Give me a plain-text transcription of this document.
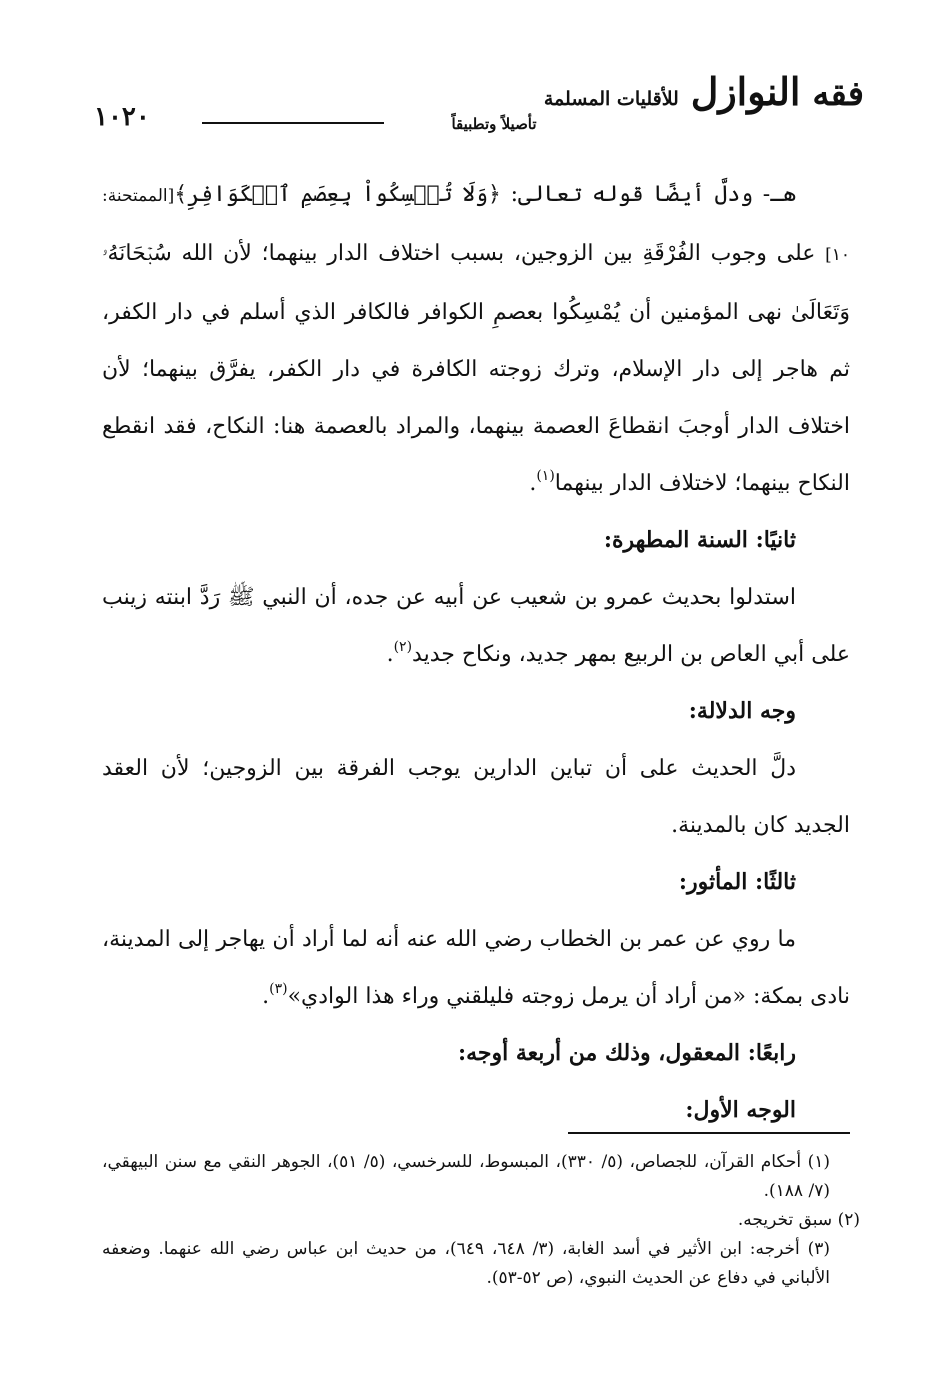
فقه النوازل للأقليات المسلمة
تأصيلاً وتطبيقاً
١٠٢٠

هـ- ودلَّ أيضًا قوله تعالى: ﴿وَلَا تُمۡسِكُواْ بِعِصَمِ ٱلۡكَوَافِرِ﴾[الممتحنة: ١٠] على وجوب الفُرْقَةِ بين الزوجين، بسبب اختلاف الدار بينهما؛ لأن الله سُبۡحَانَهُۥ وَتَعَالَىٰ نهى المؤمنين أن يُمْسِكُوا بعصمِ الكوافر فالكافر الذي أسلم في دار الكفر، ثم هاجر إلى دار الإسلام، وترك زوجته الكافرة في دار الكفر، يفرَّق بينهما؛ لأن اختلاف الدار أوجبَ انقطاعَ العصمة بينهما، والمراد بالعصمة هنا: النكاح، فقد انقطع النكاح بينهما؛ لاختلاف الدار بينهما$^{(١)}$.

ثانيًا: السنة المطهرة:

استدلوا بحديث عمرو بن شعيب عن أبيه عن جده، أن النبي ﷺ رَدَّ ابنته زينب على أبي العاص بن الربيع بمهر جديد، ونكاح جديد$^{(٢)}$.

وجه الدلالة:

دلَّ الحديث على أن تباين الدارين يوجب الفرقة بين الزوجين؛ لأن العقد الجديد كان بالمدينة.

ثالثًا: المأثور:

ما روي عن عمر بن الخطاب رضي الله عنه أنه لما أراد أن يهاجر إلى المدينة، نادى بمكة: «من أراد أن يرمل زوجته فليلقني وراء هذا الوادي»$^{(٣)}$.

رابعًا: المعقول، وذلك من أربعة أوجه:

الوجه الأول:

(١) أحكام القرآن، للجصاص، (٥/ ٣٣٠)، المبسوط، للسرخسي، (٥/ ٥١)، الجوهر النقي مع سنن البيهقي، (٧/ ١٨٨).

(٢) سبق تخريجه.

(٣) أخرجه: ابن الأثير في أسد الغابة، (٣/ ٦٤٨، ٦٤٩)، من حديث ابن عباس رضي الله عنهما. وضعفه الألباني في دفاع عن الحديث النبوي، (ص ٥٢-٥٣).
